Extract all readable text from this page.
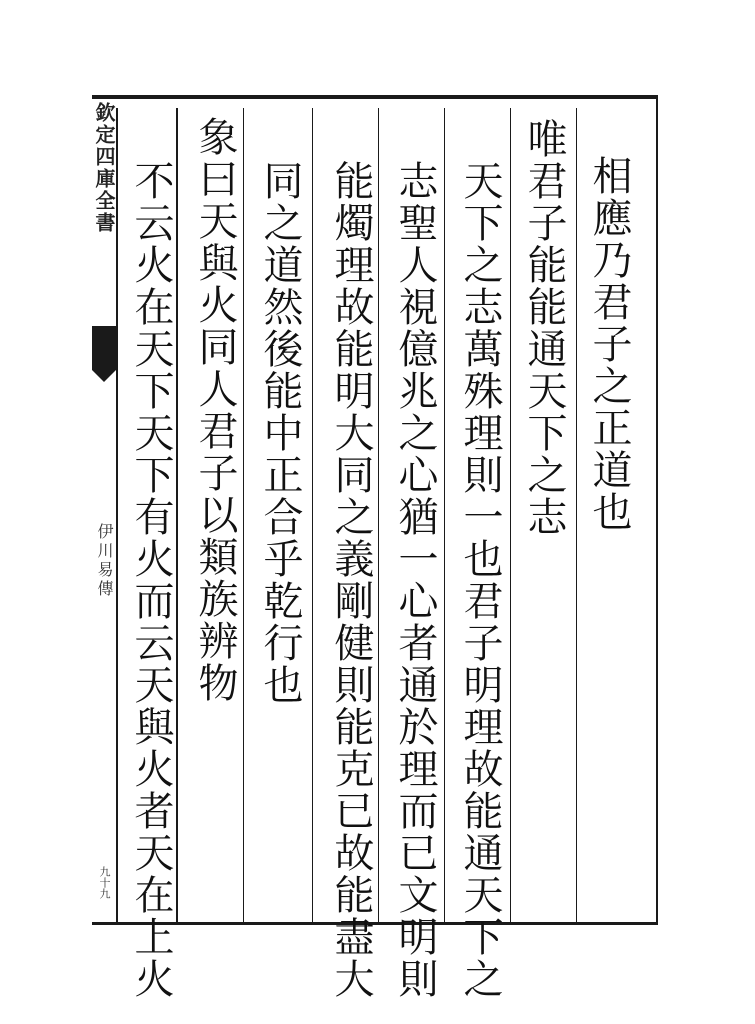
欽定四庫全書
伊川易傳
九十九
相應乃君子之正道也
唯君子能能通天下之志
天下之志萬殊理則一也君子明理故能通天下之
志聖人視億兆之心猶一心者通於理而已文明則
能燭理故能明大同之義剛健則能克已故能盡大
同之道然後能中正合乎乾行也
象曰天與火同人君子以類族辨物
不云火在天下天下有火而云天與火者天在上火
